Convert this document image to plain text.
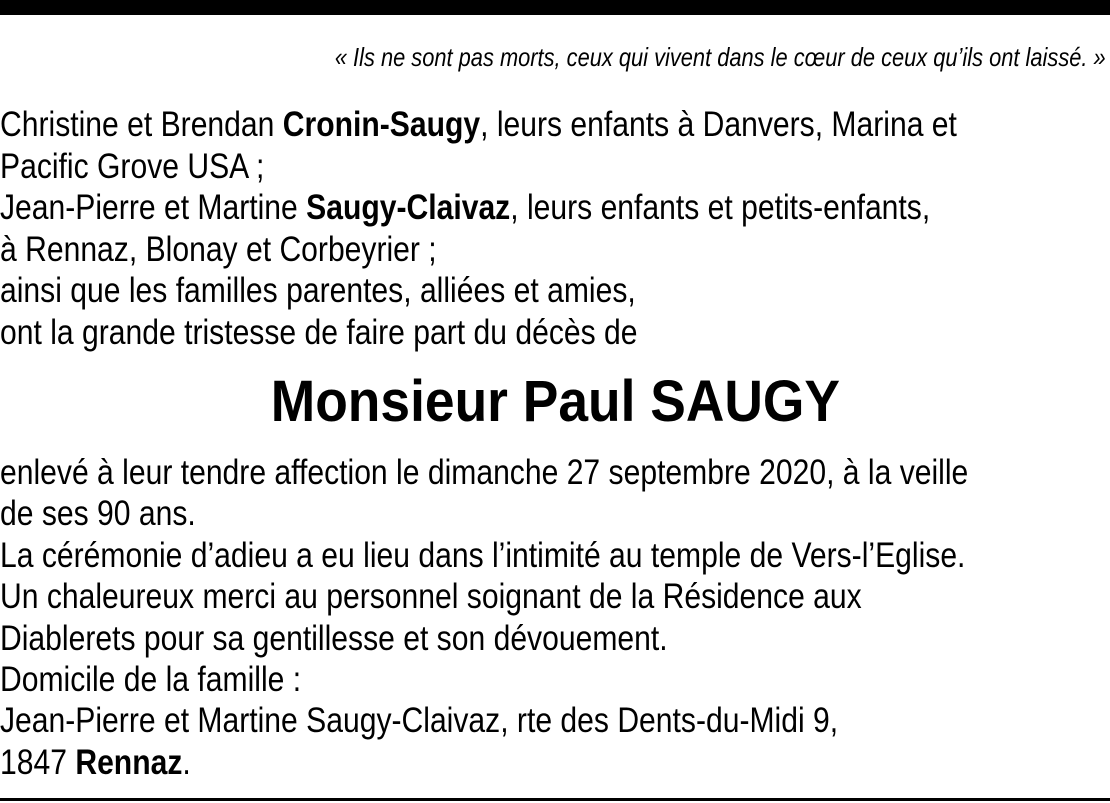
« Ils ne sont pas morts, ceux qui vivent dans le cœur de ceux qu’ils ont laissé. »
Christine et Brendan Cronin-Saugy, leurs enfants à Danvers, Marina et
Pacific Grove USA ;
Jean-Pierre et Martine Saugy-Claivaz, leurs enfants et petits-enfants,
à Rennaz, Blonay et Corbeyrier ;
ainsi que les familles parentes, alliées et amies,
ont la grande tristesse de faire part du décès de
Monsieur Paul SAUGY
enlevé à leur tendre affection le dimanche 27 septembre 2020, à la veille
de ses 90 ans.
La cérémonie d’adieu a eu lieu dans l’intimité au temple de Vers-l’Eglise.
Un chaleureux merci au personnel soignant de la Résidence aux
Diablerets pour sa gentillesse et son dévouement.
Domicile de la famille :
Jean-Pierre et Martine Saugy-Claivaz, rte des Dents-du-Midi 9,
1847 Rennaz.
